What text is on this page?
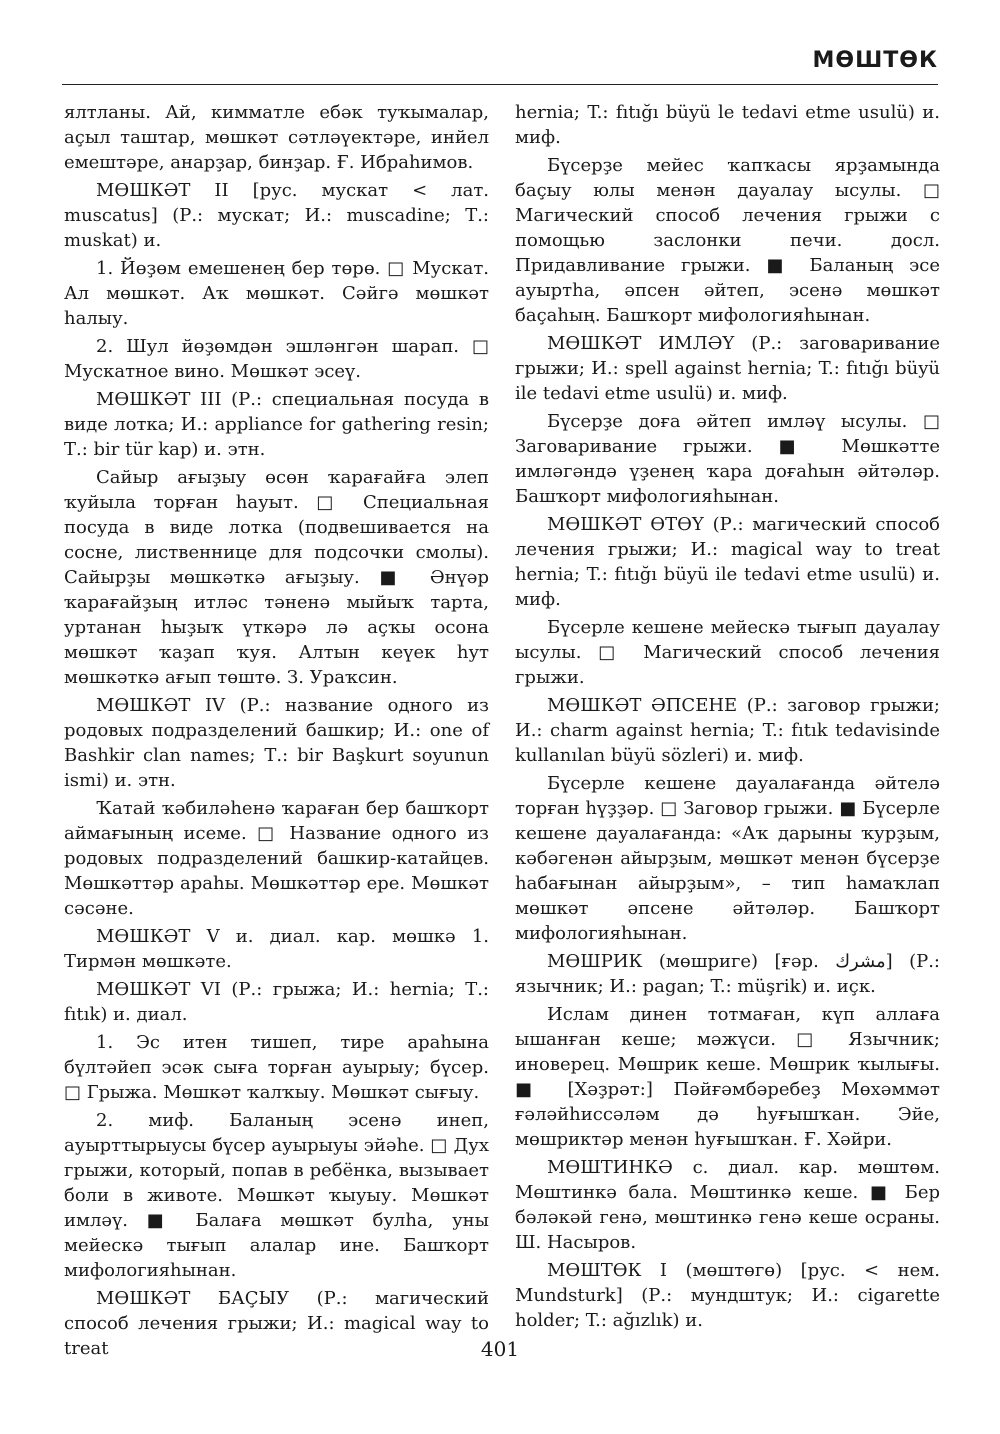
МӨШТӨК

ялтланы. Ай, кимматле ебәк туҡымалар, аҫыл таштар, мөшкәт сәтләүектәре, инйел емештәре, анарҙар, бинҙар. Ғ. Ибраһимов.

МӨШКӘТ II [рус. мускат < лат. muscatus] (Р.: мускат; И.: muscadine; Т.: muskat) и.

1. Йөҙөм емешенең бер төрө. □ Мускат. Ал мөшкәт. Аҡ мөшкәт. Сәйгә мөшкәт һалыу.

2. Шул йөҙөмдән эшләнгән шарап. □ Мускатное вино. Мөшкәт эсеү.

МӨШКӘТ III (Р.: специальная посуда в виде лотка; И.: appliance for gathering resin; Т.: bir tür kap) и. этн.

Сайыр ағыҙыу өсөн ҡарағайға элеп ҡуйыла торған һауыт. □ Специальная посуда в виде лотка (подвешивается на сосне, лиственнице для подсочки смолы). Сайырҙы мөшкәткә ағыҙыу. ■ Әнүәр ҡарағайҙың итләс тәненә мыйыҡ тарта, уртанан һыҙыҡ үткәрә лә аҫҡы осона мөшкәт ҡаҙап ҡуя. Алтын кеүек һут мөшкәткә ағып төштө. З. Ураҡсин.

МӨШКӘТ IV (Р.: название одного из родовых подразделений башкир; И.: one of Bashkir clan names; Т.: bir Başkurt soyunun ismi) и. этн.

Ҡатай ҡәбиләһенә ҡараған бер башҡорт аймағының исеме. □ Название одного из родовых подразделений башкир-катайцев. Мөшкәттәр араһы. Мөшкәттәр ере. Мөшкәт сәсәне.

МӨШКӘТ V и. диал. кар. мөшкә 1. Тирмән мөшкәте.

МӨШКӘТ VI (Р.: грыжа; И.: hernia; Т.: fıtık) и. диал.

1. Эс итен тишеп, тире араһына бүлтәйеп эсәк сыға торған ауырыу; бүсер. □ Грыжа. Мөшкәт ҡалҡыу. Мөшкәт сығыу.

2. миф. Баланың эсенә инеп, ауырттырыусы бүсер ауырыуы эйәһе. □ Дух грыжи, который, попав в ребёнка, вызывает боли в животе. Мөшкәт ҡыуыу. Мөшкәт имләү. ■ Балаға мөшкәт булһа, уны мейескә тығып алалар ине. Башҡорт мифологияһынан.

МӨШКӘТ БАҪЫУ (Р.: магический способ лечения грыжи; И.: magical way to treat

hernia; T.: fıtığı büyü le tedavi etme usulü) и. миф.

Бүсерҙе мейес ҡапҡасы ярҙамында баҫыу юлы менән дауалау ысулы. □ Магический способ лечения грыжи с помощью заслонки печи. досл. Придавливание грыжи. ■ Баланың эсе ауыртһа, әпсен әйтеп, эсенә мөшкәт баҫаһың. Башҡорт мифологияһынан.

МӨШКӘТ ИМЛӘҮ (Р.: заговаривание грыжи; И.: spell against hernia; T.: fıtığı büyü ile tedavi etme usulü) и. миф.

Бүсерҙе доға әйтеп имләү ысулы. □ Заговаривание грыжи. ■ Мөшкәтте имләгәндә үҙенең ҡара доғаһын әйтәләр. Башҡорт мифологияһынан.

МӨШКӘТ ӨТӨҮ (Р.: магический способ лечения грыжи; И.: magical way to treat hernia; T.: fıtığı büyü ile tedavi etme usulü) и. миф.

Бүсерле кешене мейескә тығып дауалау ысулы. □ Магический способ лечения грыжи.

МӨШКӘТ ӘПСЕНЕ (Р.: заговор грыжи; И.: charm against hernia; T.: fıtık tedavisinde kullanılan büyü sözleri) и. миф.

Бүсерле кешене дауалағанда әйтелә торған һүҙҙәр. □ Заговор грыжи. ■ Бүсерле кешене дауалағанда: «Аҡ дарыны ҡурҙым, кәбәгенән айырҙым, мөшкәт менән бүсерҙе һабағынан айырҙым», – тип һамаҡлап мөшкәт әпсене әйтәләр. Башҡорт мифологияһынан.

МӨШРИК (мөшриге) [ғәр. مشرك] (Р.: язычник; И.: pagan; T.: müşrik) и. иҫк.

Ислам динен тотмаған, күп аллаға ышанған кеше; мәжүси. □ Язычник; иноверец. Мөшрик кеше. Мөшрик ҡылығы. ■ [Хәҙрәт:] Пәйғәмбәребеҙ Мөхәммәт ғәләйһиссәләм дә һуғышҡан. Эйе, мөшриктәр менән һуғышҡан. Ғ. Хәйри.

МӨШТИНКӘ с. диал. кар. мөштөм. Мөштинкә бала. Мөштинкә кеше. ■ Бер бәләкәй генә, мөштинкә генә кеше осраны. Ш. Насыров.

МӨШТӨК I (мөштөгө) [рус. < нем. Mundsturk] (Р.: мундштук; И.: cigarette holder; T.: ağızlık) и.

401
